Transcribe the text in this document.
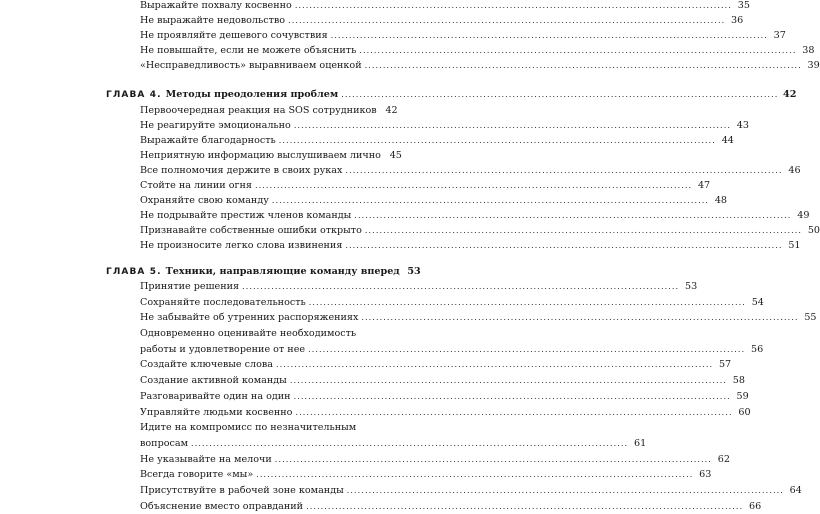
Выражайте похвалу косвенно ........................................................................................................................ 35
Не выражайте недовольство ........................................................................................................................ 36
Не проявляйте дешевого сочувствия ........................................................................................................................ 37
Не повышайте, если не можете объяснить ........................................................................................................................ 38
«Несправедливость» выравниваем оценкой ........................................................................................................................ 39
ГЛАВА 4. Методы преодоления проблем ........................................................................................................................ 42
Первоочередная реакция на SOS сотрудников 42
Не реагируйте эмоционально ........................................................................................................................ 43
Выражайте благодарность ........................................................................................................................ 44
Неприятную информацию выслушиваем лично 45
Все полномочия держите в своих руках ........................................................................................................................ 46
Стойте на линии огня ........................................................................................................................ 47
Охраняйте свою команду ........................................................................................................................ 48
Не подрывайте престиж членов команды ........................................................................................................................ 49
Признавайте собственные ошибки открыто ........................................................................................................................ 50
Не произносите легко слова извинения ........................................................................................................................ 51
ГЛАВА 5. Техники, направляющие команду вперед 53
Принятие решения ........................................................................................................................ 53
Сохраняйте последовательность ........................................................................................................................ 54
Не забывайте об утренних распоряжениях ........................................................................................................................ 55
Одновременно оценивайте необходимость
работы и удовлетворение от нее ........................................................................................................................ 56
Создайте ключевые слова ........................................................................................................................ 57
Создание активной команды ........................................................................................................................ 58
Разговаривайте один на один ........................................................................................................................ 59
Управляйте людьми косвенно ........................................................................................................................ 60
Идите на компромисс по незначительным
вопросам ........................................................................................................................ 61
Не указывайте на мелочи ........................................................................................................................ 62
Всегда говорите «мы» ........................................................................................................................ 63
Присутствуйте в рабочей зоне команды ........................................................................................................................ 64
Объяснение вместо оправданий ........................................................................................................................ 66
